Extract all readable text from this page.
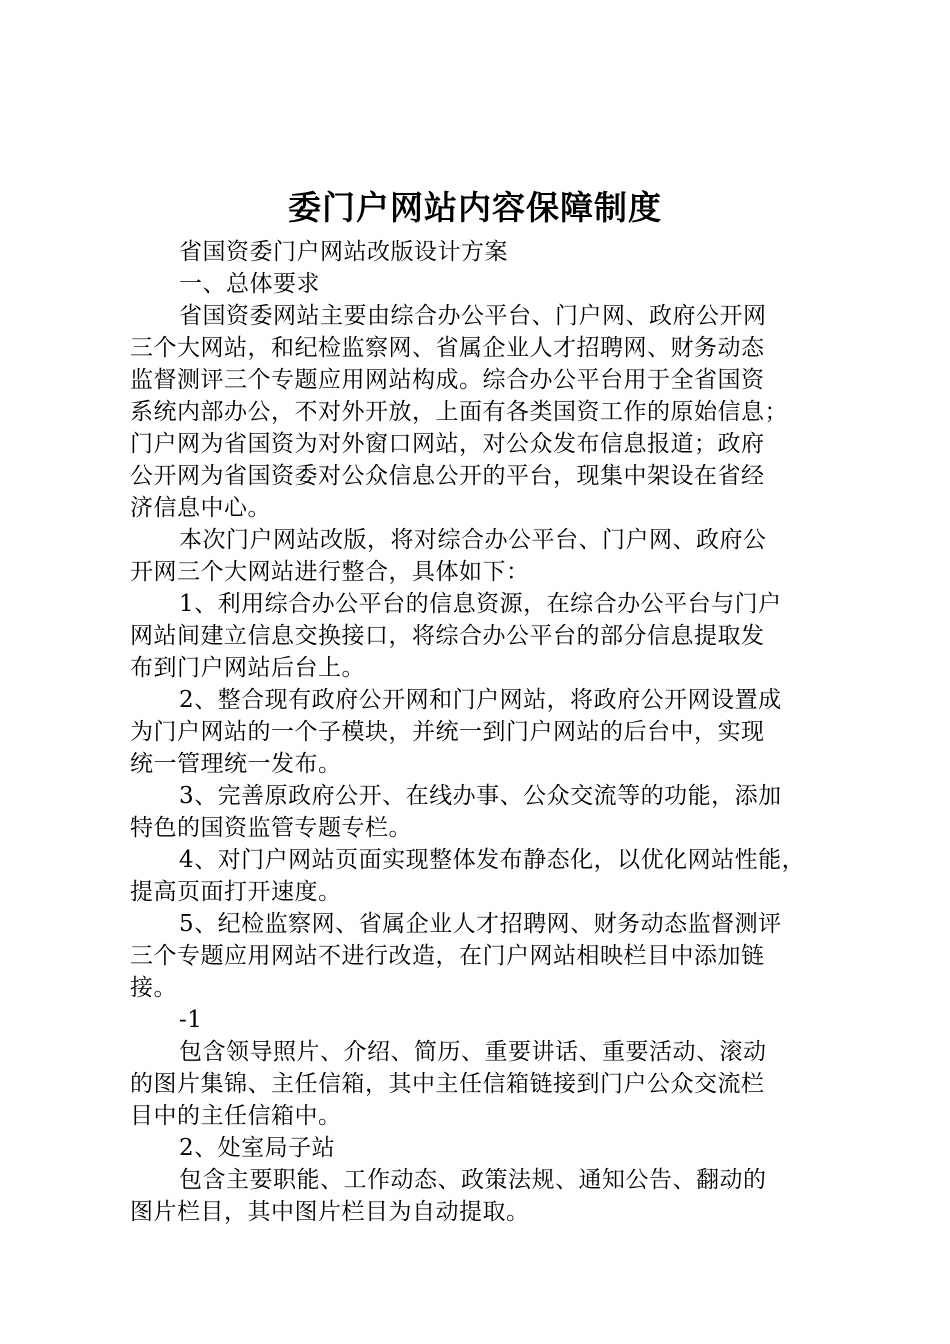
委门户网站内容保障制度
省国资委门户网站改版设计方案
一、总体要求
省国资委网站主要由综合办公平台、门户网、政府公开网
三个大网站，和纪检监察网、省属企业人才招聘网、财务动态
监督测评三个专题应用网站构成。综合办公平台用于全省国资
系统内部办公，不对外开放，上面有各类国资工作的原始信息；
门户网为省国资为对外窗口网站，对公众发布信息报道；政府
公开网为省国资委对公众信息公开的平台，现集中架设在省经
济信息中心。
本次门户网站改版，将对综合办公平台、门户网、政府公
开网三个大网站进行整合，具体如下：
1、利用综合办公平台的信息资源，在综合办公平台与门户
网站间建立信息交换接口，将综合办公平台的部分信息提取发
布到门户网站后台上。
2、整合现有政府公开网和门户网站，将政府公开网设置成
为门户网站的一个子模块，并统一到门户网站的后台中，实现
统一管理统一发布。
3、完善原政府公开、在线办事、公众交流等的功能，添加
特色的国资监管专题专栏。
4、对门户网站页面实现整体发布静态化，以优化网站性能，
提高页面打开速度。
5、纪检监察网、省属企业人才招聘网、财务动态监督测评
三个专题应用网站不进行改造，在门户网站相映栏目中添加链
接。
-1
包含领导照片、介绍、简历、重要讲话、重要活动、滚动
的图片集锦、主任信箱，其中主任信箱链接到门户公众交流栏
目中的主任信箱中。
2、处室局子站
包含主要职能、工作动态、政策法规、通知公告、翻动的
图片栏目，其中图片栏目为自动提取。
